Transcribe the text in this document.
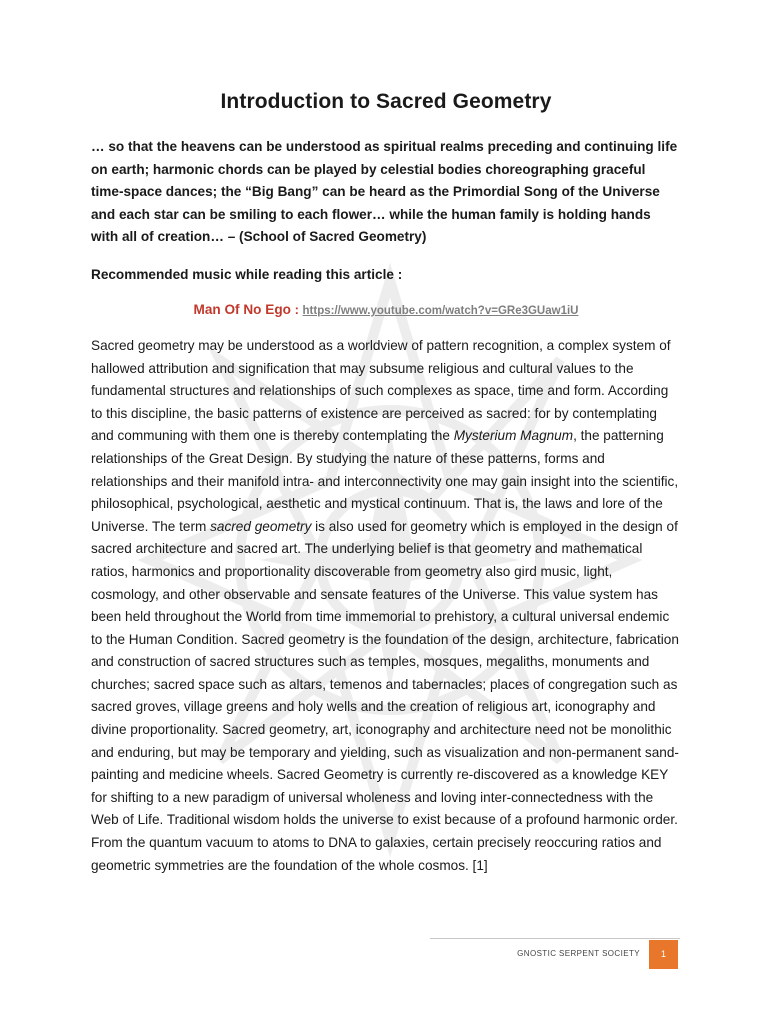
Introduction to Sacred Geometry

… so that the heavens can be understood as spiritual realms preceding and continuing life on earth; harmonic chords can be played by celestial bodies choreographing graceful time-space dances; the “Big Bang” can be heard as the Primordial Song of the Universe and each star can be smiling to each flower… while the human family is holding hands with all of creation… – (School of Sacred Geometry)

Recommended music while reading this article :

Man Of No Ego : https://www.youtube.com/watch?v=GRe3GUaw1iU

Sacred geometry may be understood as a worldview of pattern recognition, a complex system of hallowed attribution and signification that may subsume religious and cultural values to the fundamental structures and relationships of such complexes as space, time and form. According to this discipline, the basic patterns of existence are perceived as sacred: for by contemplating and communing with them one is thereby contemplating the Mysterium Magnum, the patterning relationships of the Great Design. By studying the nature of these patterns, forms and relationships and their manifold intra- and interconnectivity one may gain insight into the scientific, philosophical, psychological, aesthetic and mystical continuum. That is, the laws and lore of the Universe. The term sacred geometry is also used for geometry which is employed in the design of sacred architecture and sacred art. The underlying belief is that geometry and mathematical ratios, harmonics and proportionality discoverable from geometry also gird music, light, cosmology, and other observable and sensate features of the Universe. This value system has been held throughout the World from time immemorial to prehistory, a cultural universal endemic to the Human Condition. Sacred geometry is the foundation of the design, architecture, fabrication and construction of sacred structures such as temples, mosques, megaliths, monuments and churches; sacred space such as altars, temenos and tabernacles; places of congregation such as sacred groves, village greens and holy wells and the creation of religious art, iconography and divine proportionality. Sacred geometry, art, iconography and architecture need not be monolithic and enduring, but may be temporary and yielding, such as visualization and non-permanent sand-painting and medicine wheels. Sacred Geometry is currently re-discovered as a knowledge KEY for shifting to a new paradigm of universal wholeness and loving inter-connectedness with the Web of Life. Traditional wisdom holds the universe to exist because of a profound harmonic order. From the quantum vacuum to atoms to DNA to galaxies, certain precisely reoccuring ratios and geometric symmetries are the foundation of the whole cosmos. [1]

GNOSTIC SERPENT SOCIETY	1
